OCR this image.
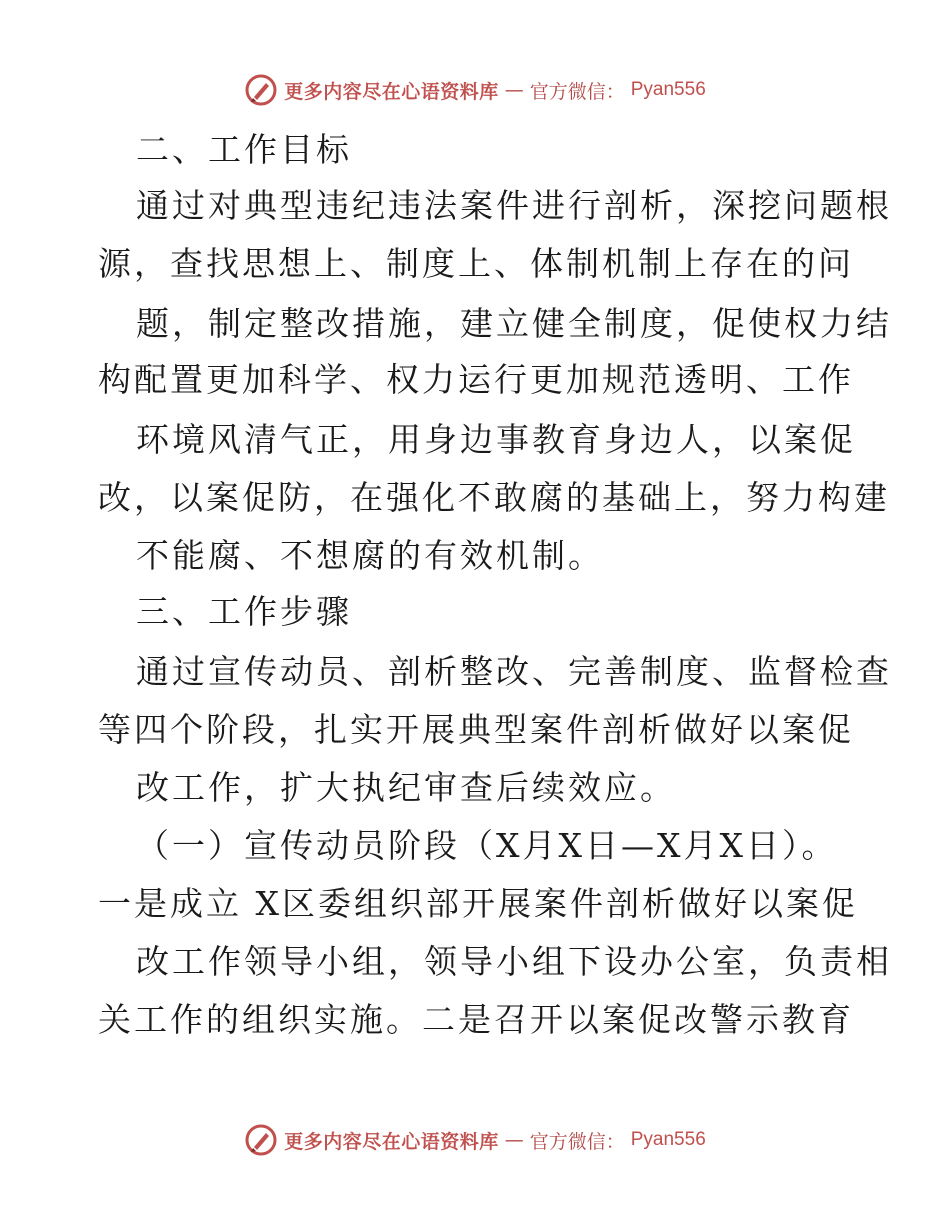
更多内容尽在心语资料库 — 官方微信： Pyan556
二、工作目标
通过对典型违纪违法案件进行剖析，深挖问题根
源，查找思想上、制度上、体制机制上存在的问
题，制定整改措施，建立健全制度，促使权力结
构配置更加科学、权力运行更加规范透明、工作
环境风清气正，用身边事教育身边人，以案促
改，以案促防，在强化不敢腐的基础上，努力构建
不能腐、不想腐的有效机制。
三、工作步骤
通过宣传动员、剖析整改、完善制度、监督检查
等四个阶段，扎实开展典型案件剖析做好以案促
改工作，扩大执纪审查后续效应。
（一）宣传动员阶段（X月X日—X月X日）。
一是成立 X区委组织部开展案件剖析做好以案促
改工作领导小组，领导小组下设办公室，负责相
关工作的组织实施。二是召开以案促改警示教育
更多内容尽在心语资料库 — 官方微信： Pyan556
